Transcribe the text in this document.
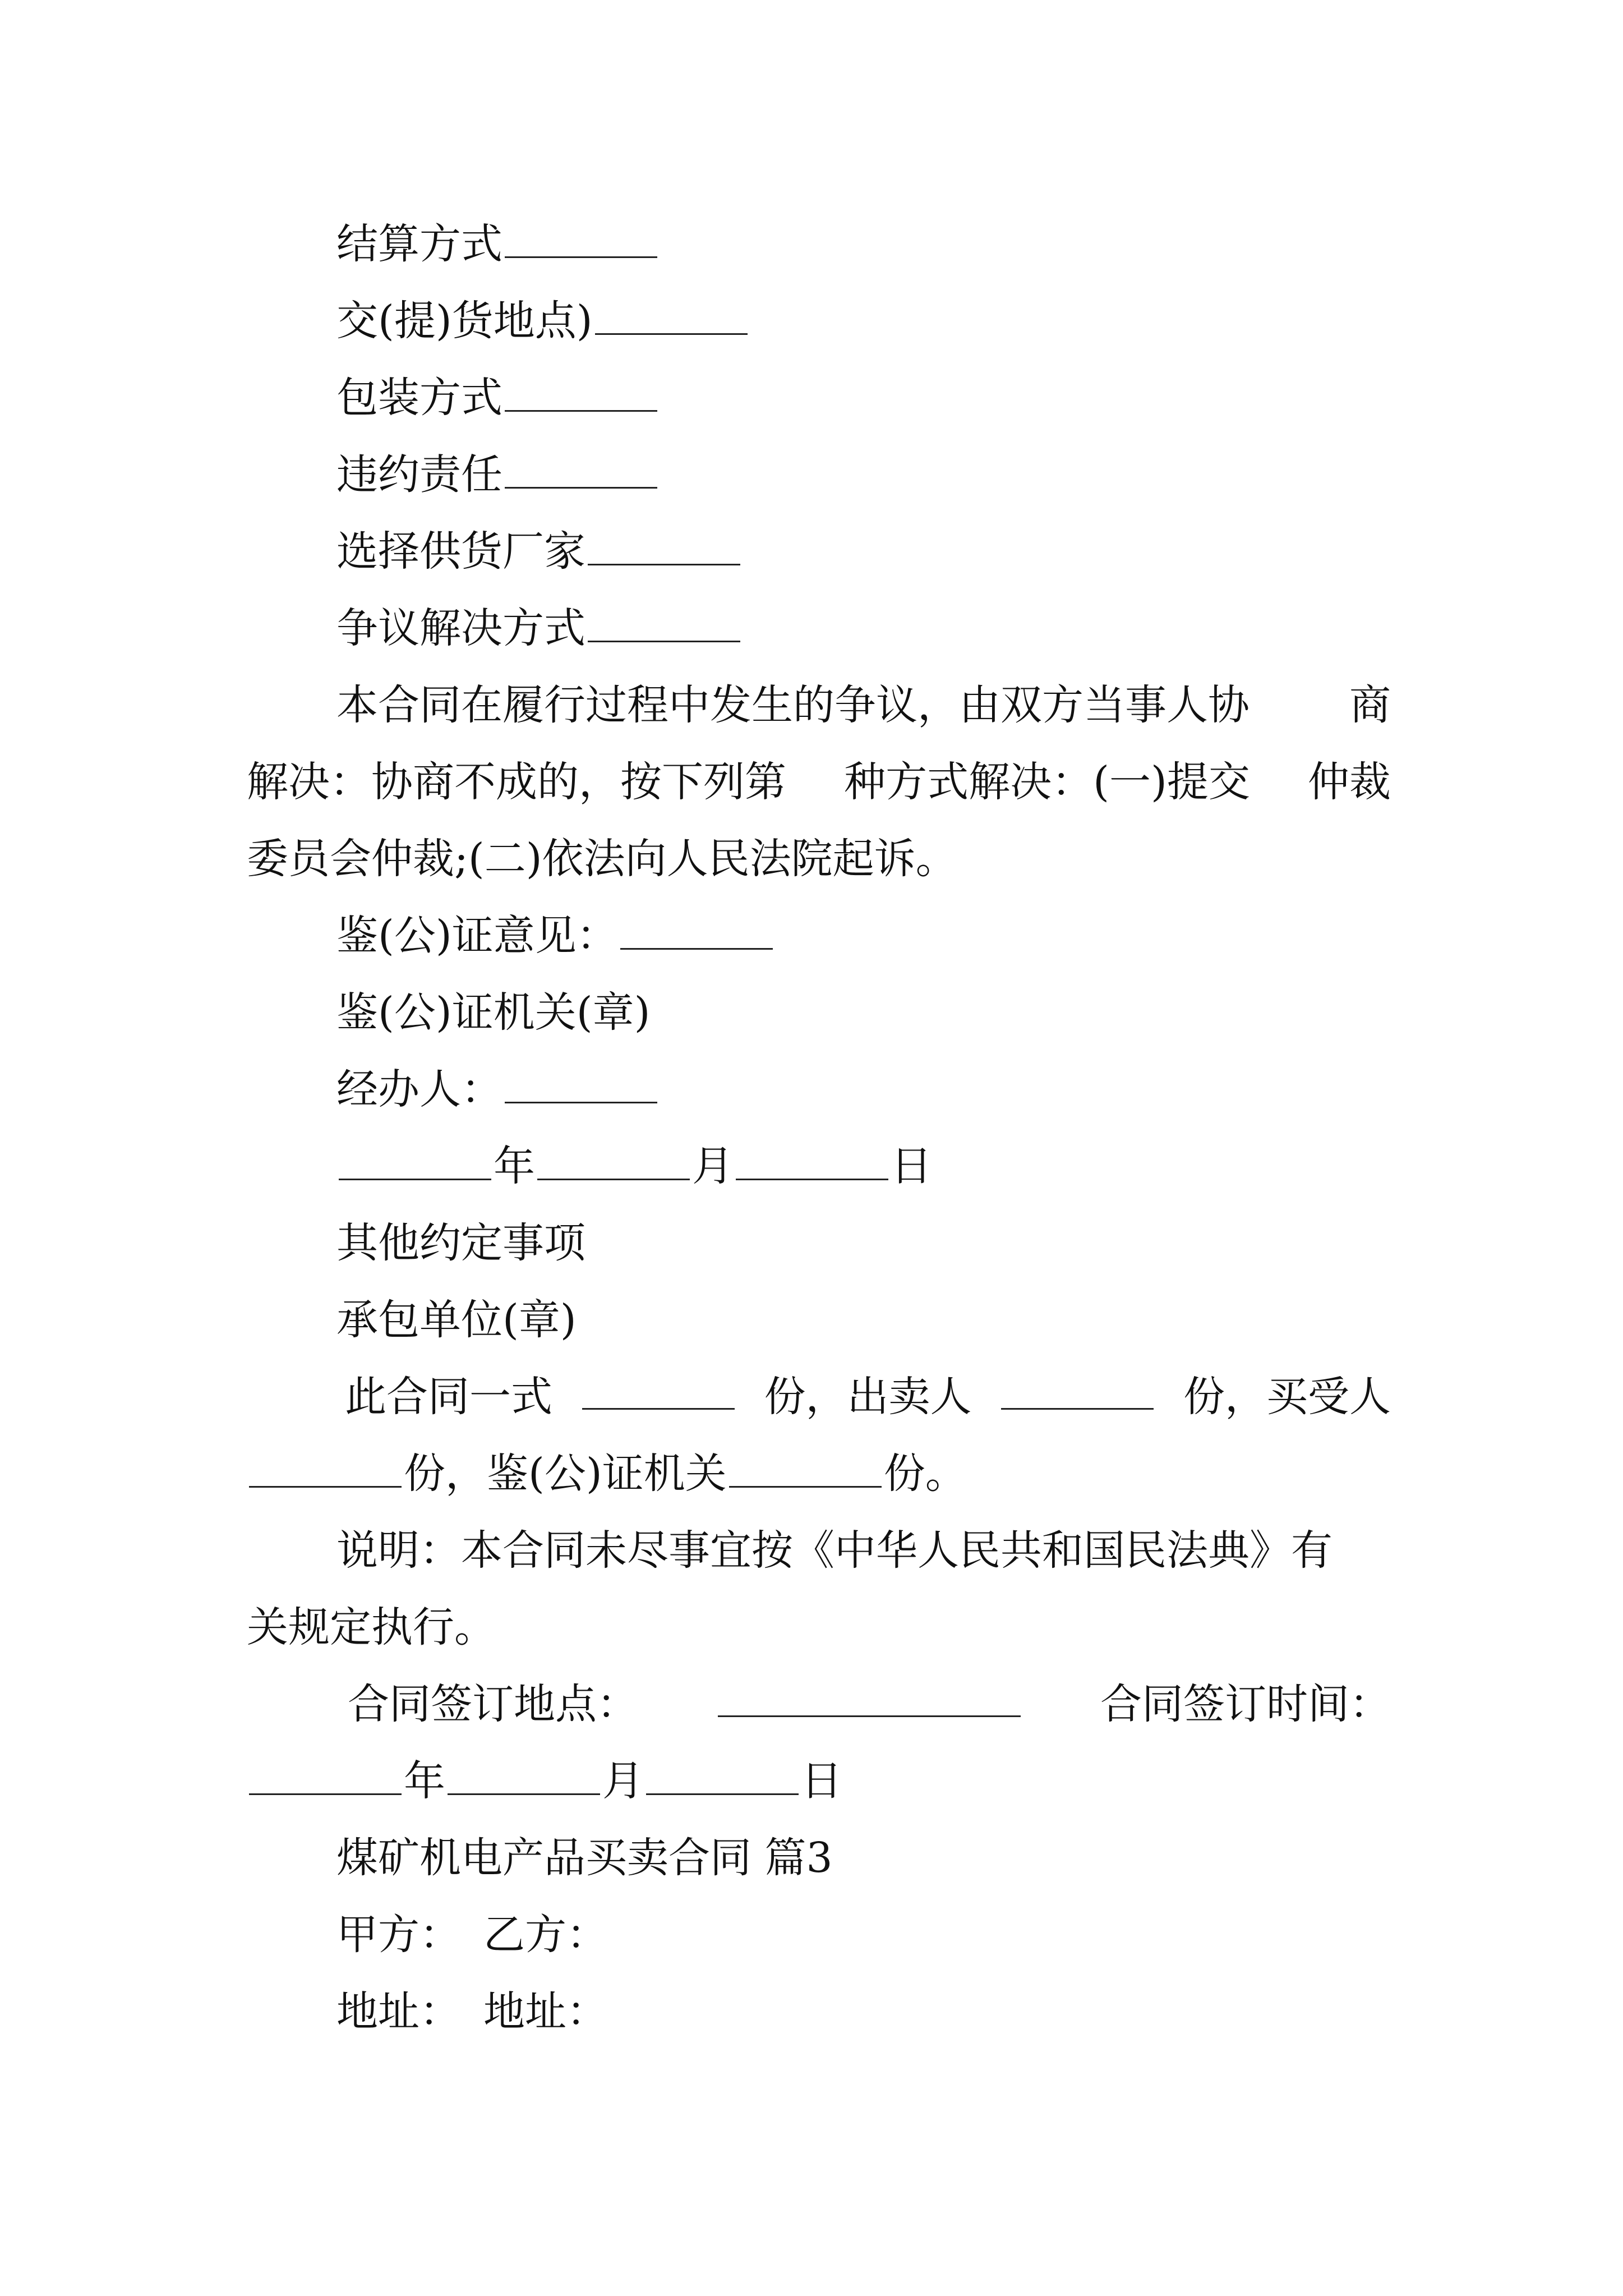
结算方式
交(提)货地点)
包装方式
违约责任
选择供货厂家
争议解决方式
本合同在履行过程中发生的争议，由双方当事人协 商
解决：协商不成的，按下列第 种方式解决：(一)提交 仲裁
委员会仲裁;(二)依法向人民法院起诉。
鉴(公)证意见：
鉴(公)证机关(章)
经办人：
年	月	日
其他约定事项
承包单位(章)
此合同一式	份，出卖人	份，买受人
份，鉴(公)证机关	份。
说明：本合同未尽事宜按《中华人民共和国民法典》有
关规定执行。
合同签订地点：	合同签订时间：
年	月	日
煤矿机电产品买卖合同 篇3
甲方： 乙方：
地址： 地址：
